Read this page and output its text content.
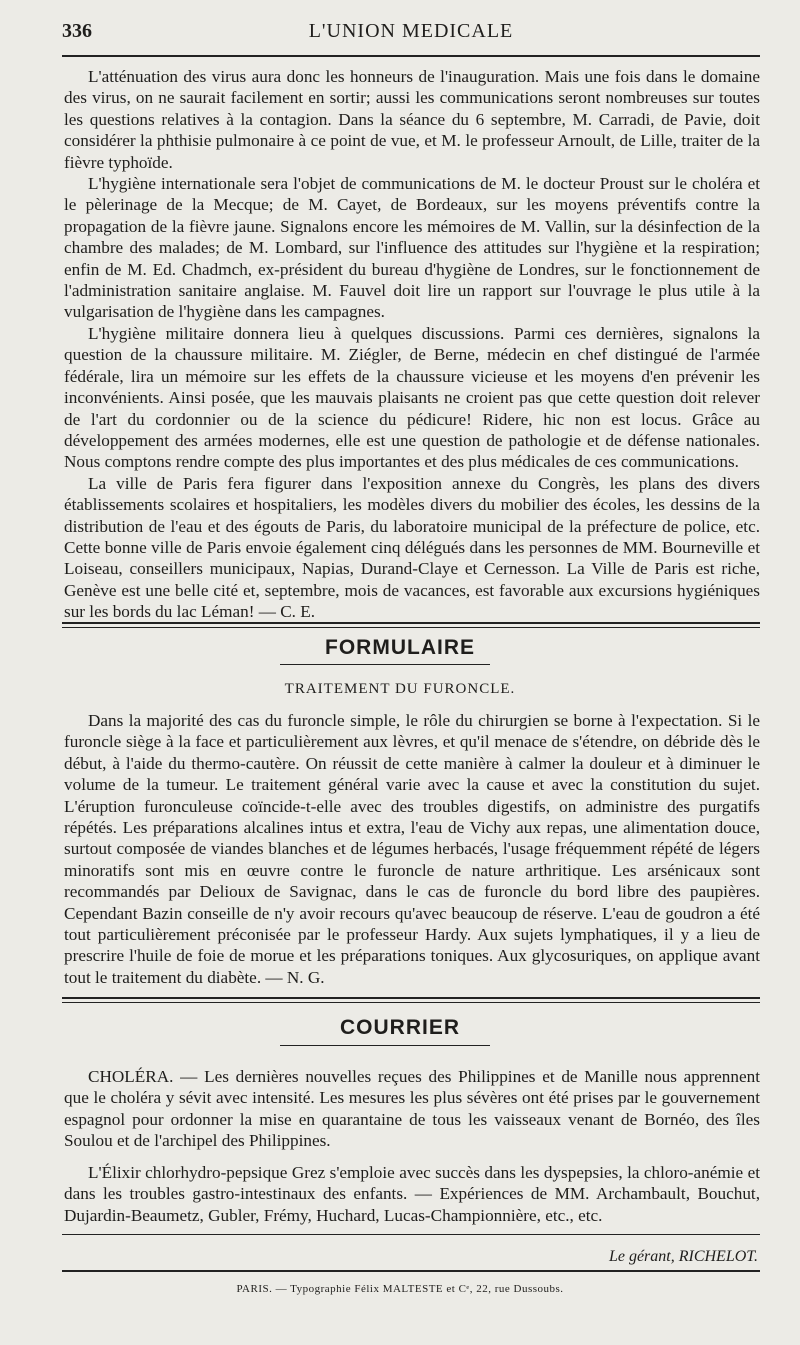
336	L'UNION MEDICALE

L'atténuation des virus aura donc les honneurs de l'inauguration. Mais une fois dans le domaine des virus, on ne saurait facilement en sortir; aussi les communications seront nombreuses sur toutes les questions relatives à la contagion. Dans la séance du 6 septembre, M. Carradi, de Pavie, doit considérer la phthisie pulmonaire à ce point de vue, et M. le professeur Arnoult, de Lille, traiter de la fièvre typhoïde.

L'hygiène internationale sera l'objet de communications de M. le docteur Proust sur le choléra et le pèlerinage de la Mecque; de M. Cayet, de Bordeaux, sur les moyens préventifs contre la propagation de la fièvre jaune. Signalons encore les mémoires de M. Vallin, sur la désinfection de la chambre des malades; de M. Lombard, sur l'influence des attitudes sur l'hygiène et la respiration; enfin de M. Ed. Chadmch, ex-président du bureau d'hygiène de Londres, sur le fonctionnement de l'administration sanitaire anglaise. M. Fauvel doit lire un rapport sur l'ouvrage le plus utile à la vulgarisation de l'hygiène dans les campagnes.

L'hygiène militaire donnera lieu à quelques discussions. Parmi ces dernières, signalons la question de la chaussure militaire. M. Ziégler, de Berne, médecin en chef distingué de l'armée fédérale, lira un mémoire sur les effets de la chaussure vicieuse et les moyens d'en prévenir les inconvénients. Ainsi posée, que les mauvais plaisants ne croient pas que cette question doit relever de l'art du cordonnier ou de la science du pédicure! Ridere, hic non est locus. Grâce au développement des armées modernes, elle est une question de pathologie et de défense nationales. Nous comptons rendre compte des plus importantes et des plus médicales de ces communications.

La ville de Paris fera figurer dans l'exposition annexe du Congrès, les plans des divers établissements scolaires et hospitaliers, les modèles divers du mobilier des écoles, les dessins de la distribution de l'eau et des égouts de Paris, du laboratoire municipal de la préfecture de police, etc. Cette bonne ville de Paris envoie également cinq délégués dans les personnes de MM. Bourneville et Loiseau, conseillers municipaux, Napias, Durand-Claye et Cernesson. La Ville de Paris est riche, Genève est une belle cité et, septembre, mois de vacances, est favorable aux excursions hygiéniques sur les bords du lac Léman! — C. E.

FORMULAIRE
TRAITEMENT DU FURONCLE.

Dans la majorité des cas du furoncle simple, le rôle du chirurgien se borne à l'expectation. Si le furoncle siège à la face et particulièrement aux lèvres, et qu'il menace de s'étendre, on débride dès le début, à l'aide du thermo-cautère. On réussit de cette manière à calmer la douleur et à diminuer le volume de la tumeur. Le traitement général varie avec la cause et avec la constitution du sujet. L'éruption furonculeuse coïncide-t-elle avec des troubles digestifs, on administre des purgatifs répétés. Les préparations alcalines intus et extra, l'eau de Vichy aux repas, une alimentation douce, surtout composée de viandes blanches et de légumes herbacés, l'usage fréquemment répété de légers minoratifs sont mis en œuvre contre le furoncle de nature arthritique. Les arsénicaux sont recommandés par Delioux de Savignac, dans le cas de furoncle du bord libre des paupières. Cependant Bazin conseille de n'y avoir recours qu'avec beaucoup de réserve. L'eau de goudron a été tout particulièrement préconisée par le professeur Hardy. Aux sujets lymphatiques, il y a lieu de prescrire l'huile de foie de morue et les préparations toniques. Aux glycosuriques, on applique avant tout le traitement du diabète. — N. G.

COURRIER

CHOLÉRA. — Les dernières nouvelles reçues des Philippines et de Manille nous apprennent que le choléra y sévit avec intensité. Les mesures les plus sévères ont été prises par le gouvernement espagnol pour ordonner la mise en quarantaine de tous les vaisseaux venant de Bornéo, des îles Soulou et de l'archipel des Philippines.

L'Élixir chlorhydro-pepsique Grez s'emploie avec succès dans les dyspepsies, la chloro-anémie et dans les troubles gastro-intestinaux des enfants. — Expériences de MM. Archambault, Bouchut, Dujardin-Beaumetz, Gubler, Frémy, Huchard, Lucas-Championnière, etc., etc.

Le gérant, RICHELOT.
PARIS. — Typographie Félix MALTESTE et Cᵉ, 22, rue Dussoubs.
